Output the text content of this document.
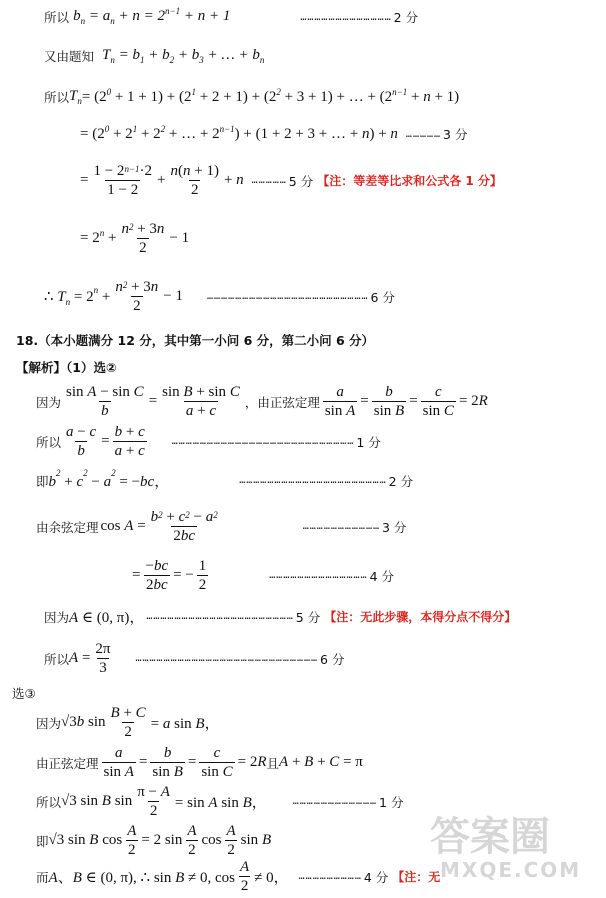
所以
$b_n = a_n + n = 2^{n-1} + n + 1$	………………………………… 2 分
又由题知 $T_n = b_1 + b_2 + b_3$ + … + $b_n$
所以 $T_n = (2^0 + 1 + 1) + (2^1 + 2 + 1) + (2^2 + 3 + 1)$ + … + $(2^{n-1} + n + 1)$
= ($2^0 + 2^1 + 2^2$ + … + $2^{n-1}) + (1 + 2 + 3$ + … + n) + n …………… 3 分
= $\frac{1 - 2^{n-1}\cdot 2}{1 - 2} + \frac{n(n + 1)}{2} + n$ …………… 5 分 【注：等差等比求和公式各 1 分】
= $2^n + \frac{n^2 + 3n}{2} - 1$
∴ $T_n = 2^n + \frac{n^2 + 3n}{2} - 1$ …………………………………………………………… 6 分
18.（本小题满分 12 分，其中第一小问 6 分，第二小问 6 分）
【解析】（1）选②
因为 $\frac{\text{sin A − sin C}}{b} = \frac{\text{sin B + sin C}}{a + c}$ ，由正弦定理 $\frac{a}{\text{sin A}} = \frac{b}{\text{sin B}} = \frac{c}{\text{sin C}} = 2R$
所以 $\frac{a - c}{b} = \frac{b + c}{a + c}$	…………………………………………………………………… 1 分
即 $b^2 + c^2 - a^2 = -bc$，	……………………………………………………… 2 分
由余弦定理 $\cos A = \frac{b^2 + c^2 - a^2}{2bc}$	…………………………… 3 分
= $\frac{-bc}{2bc}$ = − $\frac{1}{2}$	…………………………………… 4 分
因为 A ∈ (0, π)， ……………………………………………………… 5 分 【注：无此步骤，本得分点不得分】
所以 $A = \frac{2\pi}{3}$ …………………………………………………………………… 6 分
选③
因为 √3b $\sin \frac{B + C}{2} = a$ sin B，
由正弦定理 $\frac{a}{\text{sin A}} = \frac{b}{\text{sin B}} = \frac{c}{\text{sin C}} = 2R$ 且 A + B + C = π
所以 √3 sin B $\sin \frac{\pi - A}{2} = \sin A$ sin B，	……………………………… 1 分
即 √3 sin B $\cos \frac{A}{2} = 2$ $\sin \frac{A}{2}$ $\cos \frac{A}{2}$ sin B
而 A、B ∈ (0, π), ∴ sin B ≠ 0, $\cos \frac{A}{2} \ne 0$， ……………………… 4 分 【注：无
答案圈
MXQE.COM
